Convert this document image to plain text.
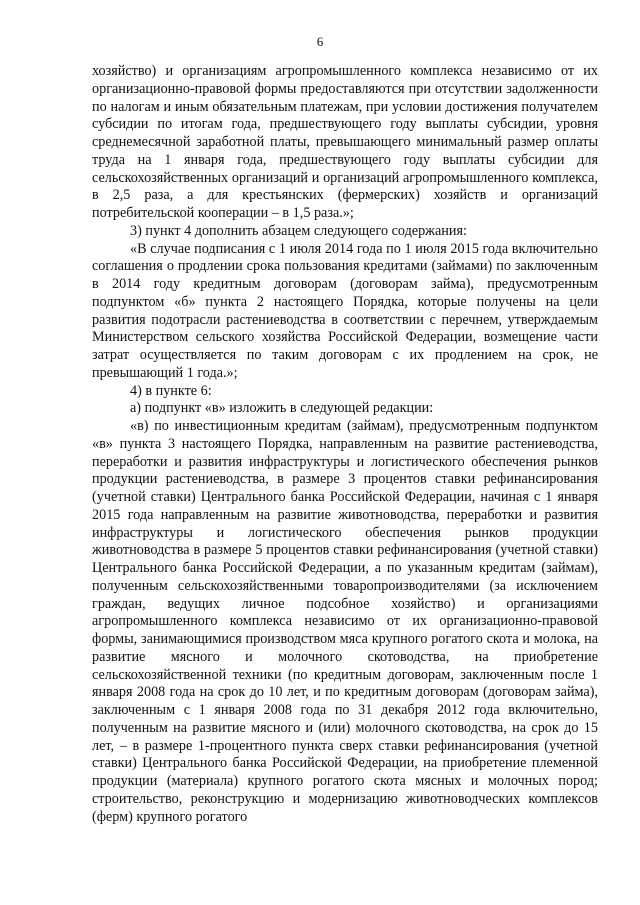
6

хозяйство) и организациям агропромышленного комплекса независимо от их организационно-правовой формы предоставляются при отсутствии задолженности по налогам и иным обязательным платежам, при условии достижения получателем субсидии по итогам года, предшествующего году выплаты субсидии, уровня среднемесячной заработной платы, превышающего минимальный размер оплаты труда на 1 января года, предшествующего году выплаты субсидии для сельскохозяйственных организаций и организаций агропромышленного комплекса, в 2,5 раза, а для крестьянских (фермерских) хозяйств и организаций потребительской кооперации – в 1,5 раза.»;

3) пункт 4 дополнить абзацем следующего содержания:

«В случае подписания с 1 июля 2014 года по 1 июля 2015 года включительно соглашения о продлении срока пользования кредитами (займами) по заключенным в 2014 году кредитным договорам (договорам займа), предусмотренным подпунктом «б» пункта 2 настоящего Порядка, которые получены на цели развития подотрасли растениеводства в соответствии с перечнем, утверждаемым Министерством сельского хозяйства Российской Федерации, возмещение части затрат осуществляется по таким договорам с их продлением на срок, не превышающий 1 года.»;

4) в пункте 6:

а) подпункт «в» изложить в следующей редакции:

«в) по инвестиционным кредитам (займам), предусмотренным подпунктом «в» пункта 3 настоящего Порядка, направленным на развитие растениеводства, переработки и развития инфраструктуры и логистического обеспечения рынков продукции растениеводства, в размере 3 процентов ставки рефинансирования (учетной ставки) Центрального банка Российской Федерации, начиная с 1 января 2015 года направленным на развитие животноводства, переработки и развития инфраструктуры и логистического обеспечения рынков продукции животноводства в размере 5 процентов ставки рефинансирования (учетной ставки) Центрального банка Российской Федерации, а по указанным кредитам (займам), полученным сельскохозяйственными товаропроизводителями (за исключением граждан, ведущих личное подсобное хозяйство) и организациями агропромышленного комплекса независимо от их организационно-правовой формы, занимающимися производством мяса крупного рогатого скота и молока, на развитие мясного и молочного скотоводства, на приобретение сельскохозяйственной техники (по кредитным договорам, заключенным после 1 января 2008 года на срок до 10 лет, и по кредитным договорам (договорам займа), заключенным с 1 января 2008 года по 31 декабря 2012 года включительно, полученным на развитие мясного и (или) молочного скотоводства, на срок до 15 лет, – в размере 1-процентного пункта сверх ставки рефинансирования (учетной ставки) Центрального банка Российской Федерации, на приобретение племенной продукции (материала) крупного рогатого скота мясных и молочных пород; строительство, реконструкцию и модернизацию животноводческих комплексов (ферм) крупного рогатого
